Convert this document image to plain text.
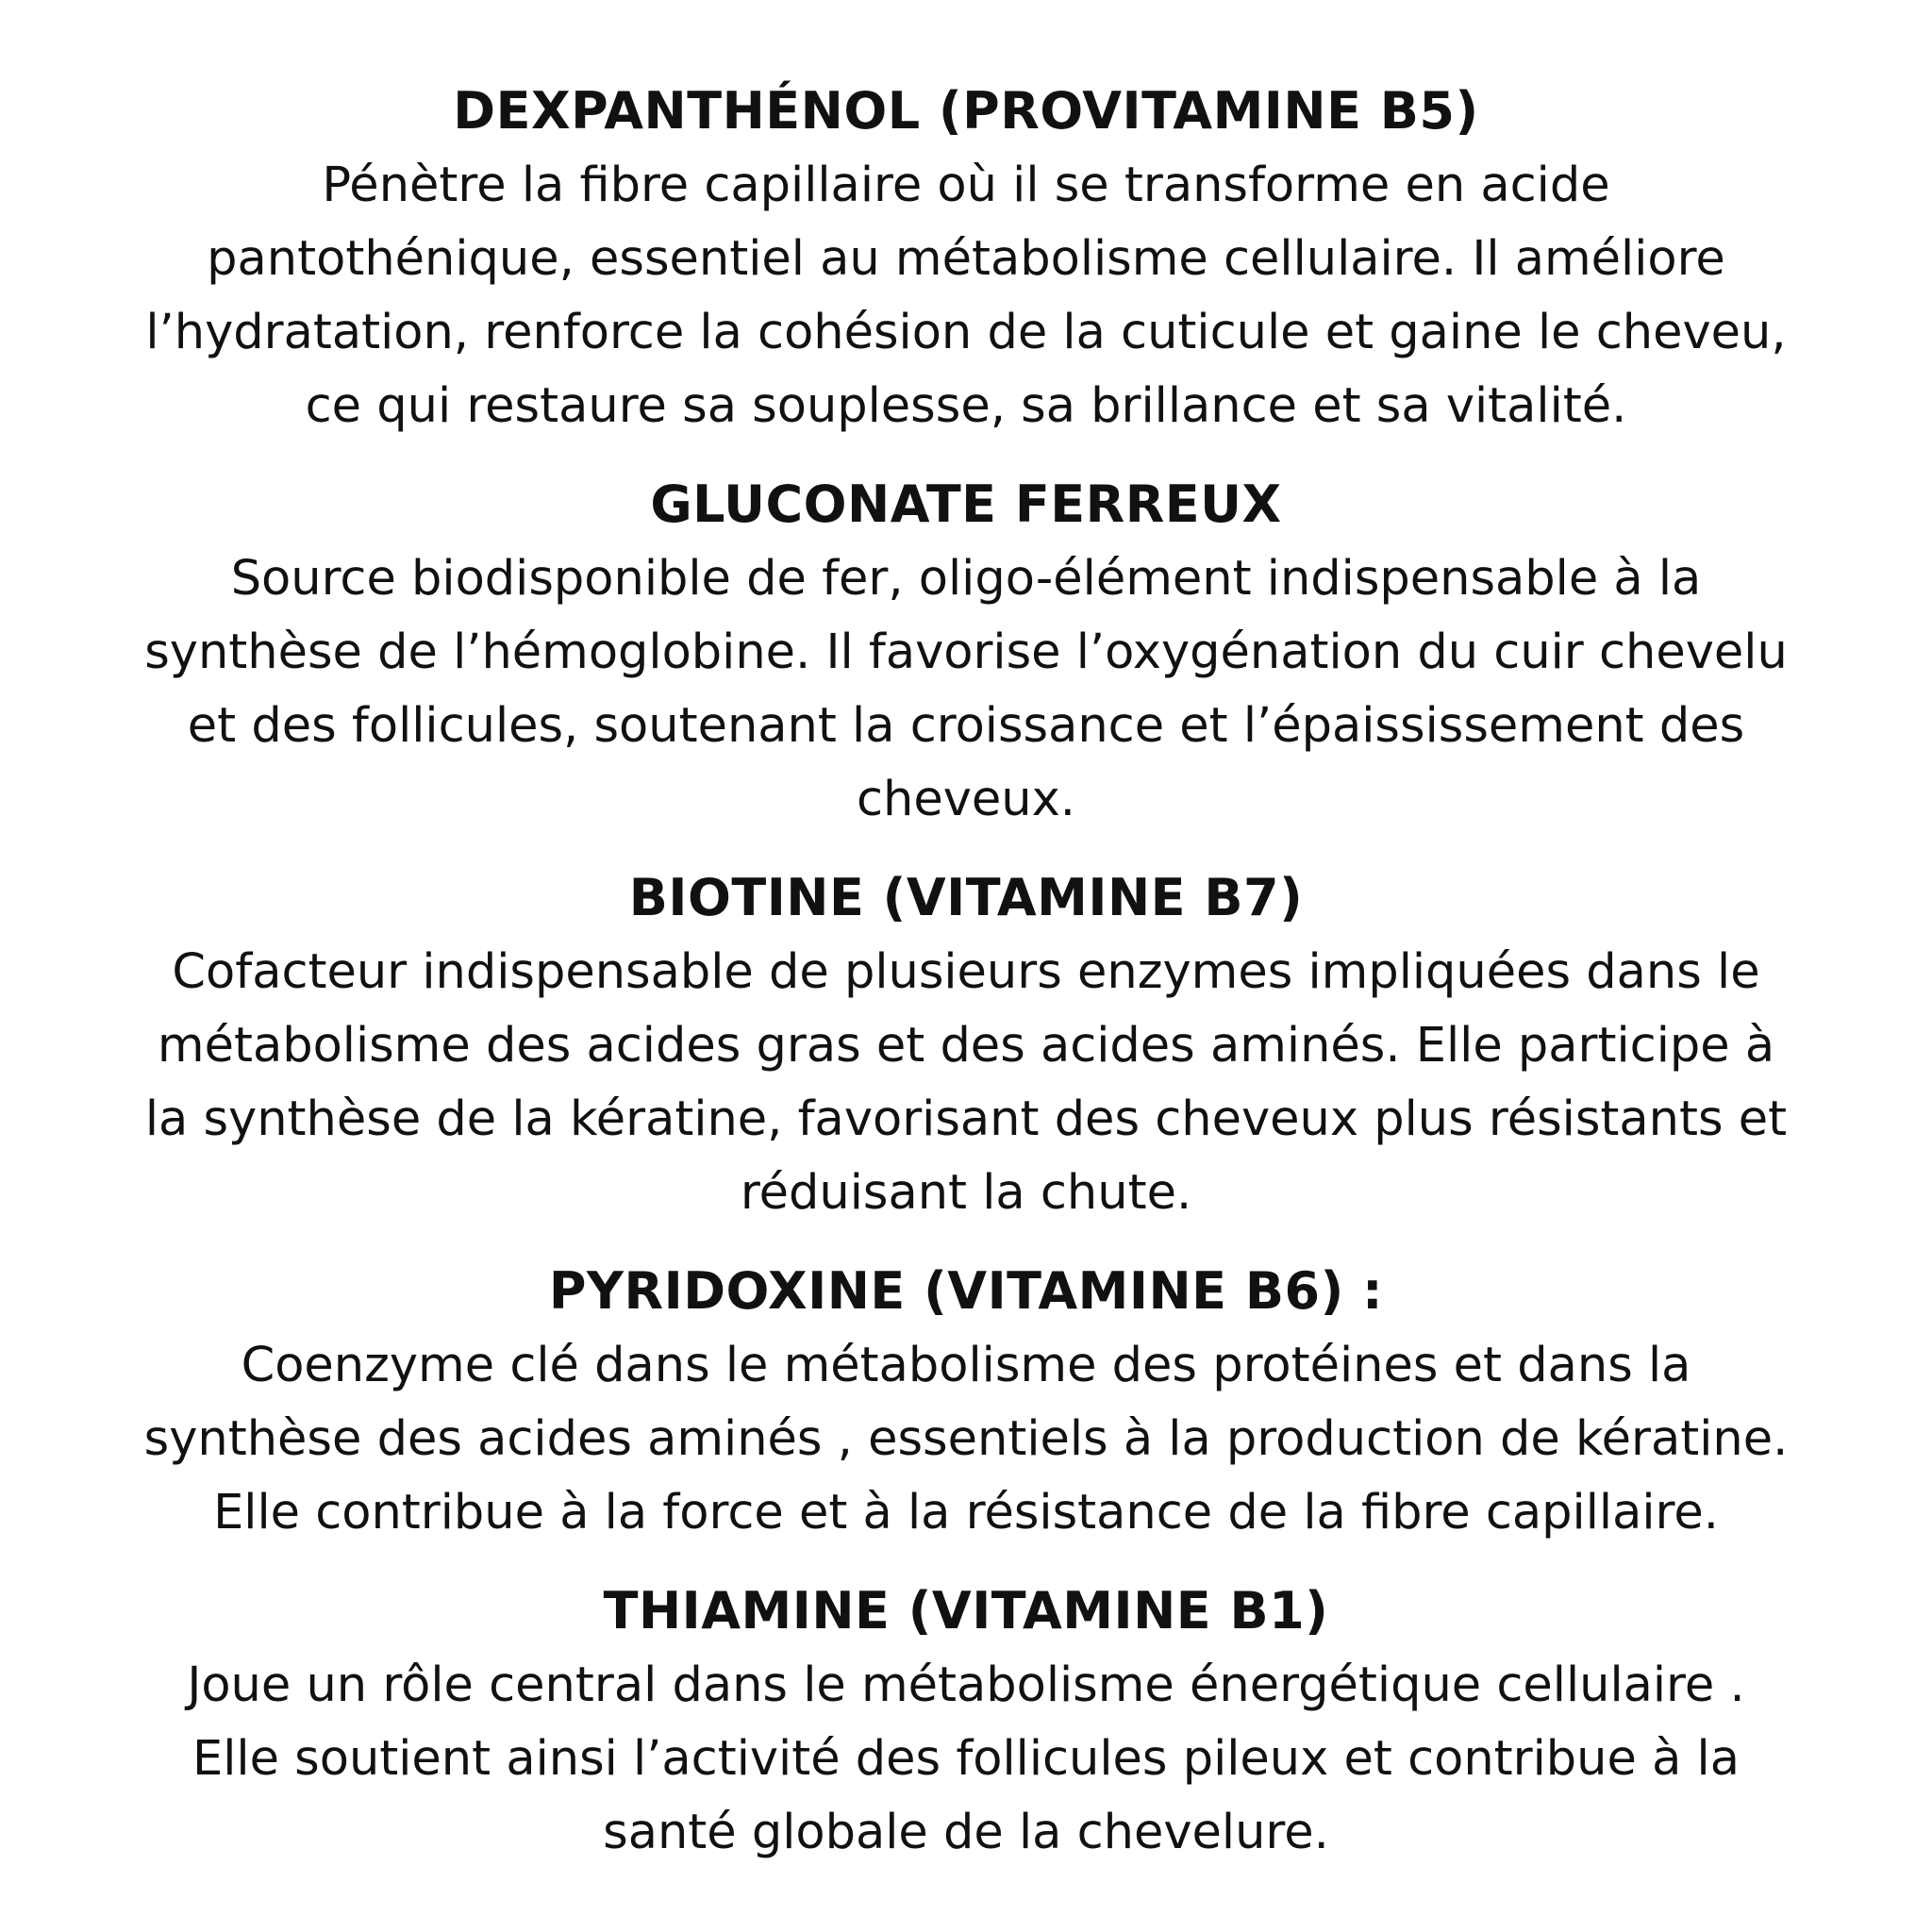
DEXPANTHÉNOL (PROVITAMINE B5)
Pénètre la fibre capillaire où il se transforme en acide
pantothénique, essentiel au métabolisme cellulaire. Il améliore
l’hydratation, renforce la cohésion de la cuticule et gaine le cheveu,
ce qui restaure sa souplesse, sa brillance et sa vitalité.
GLUCONATE FERREUX
Source biodisponible de fer, oligo-élément indispensable à la
synthèse de l’hémoglobine. Il favorise l’oxygénation du cuir chevelu
et des follicules, soutenant la croissance et l’épaississement des
cheveux.
BIOTINE (VITAMINE B7)
Cofacteur indispensable de plusieurs enzymes impliquées dans le
métabolisme des acides gras et des acides aminés. Elle participe à
la synthèse de la kératine, favorisant des cheveux plus résistants et
réduisant la chute.
PYRIDOXINE (VITAMINE B6) :
Coenzyme clé dans le métabolisme des protéines et dans la
synthèse des acides aminés , essentiels à la production de kératine.
Elle contribue à la force et à la résistance de la fibre capillaire.
THIAMINE (VITAMINE B1)
Joue un rôle central dans le métabolisme énergétique cellulaire .
Elle soutient ainsi l’activité des follicules pileux et contribue à la
santé globale de la chevelure.
